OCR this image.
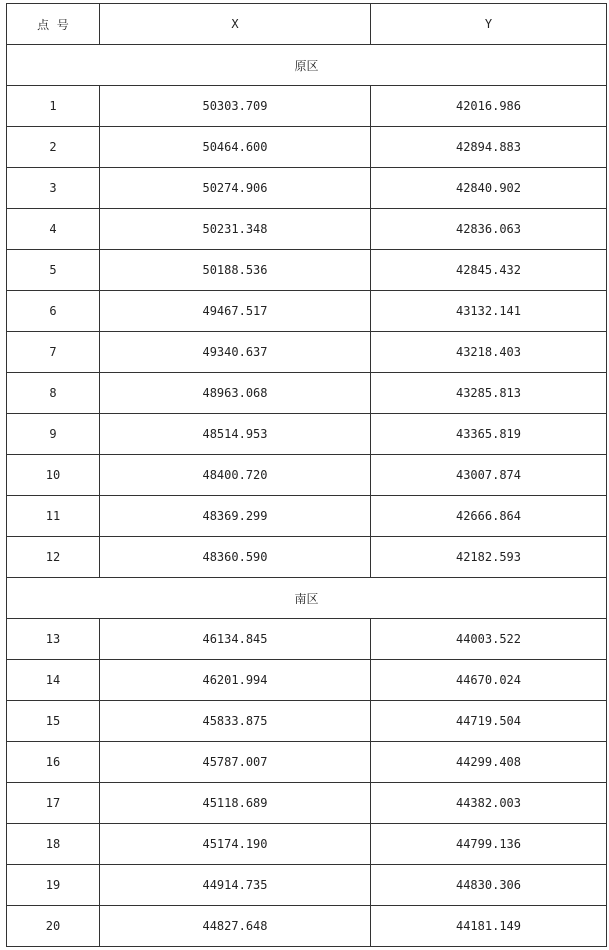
点  号	X	Y
原区		
1	50303.709	42016.986
2	50464.600	42894.883
3	50274.906	42840.902
4	50231.348	42836.063
5	50188.536	42845.432
6	49467.517	43132.141
7	49340.637	43218.403
8	48963.068	43285.813
9	48514.953	43365.819
10	48400.720	43007.874
11	48369.299	42666.864
12	48360.590	42182.593
南区		
13	46134.845	44003.522
14	46201.994	44670.024
15	45833.875	44719.504
16	45787.007	44299.408
17	45118.689	44382.003
18	45174.190	44799.136
19	44914.735	44830.306
20	44827.648	44181.149
